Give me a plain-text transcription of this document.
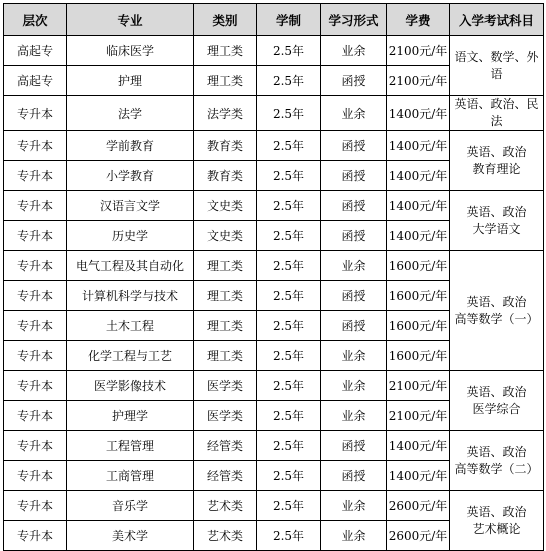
层次	专业	类别	学制	学习形式	学费	入学考试科目
高起专	临床医学	理工类	2.5年	业余	2100元/年	语文、数学、外语

高起专	护理	理工类	2.5年	函授	2100元/年	
专升本	法学	法学类	2.5年	业余	1400元/年	英语、政治、民法

专升本	学前教育	教育类	2.5年	函授	1400元/年	英语、政治
教育理论

专升本	小学教育	教育类	2.5年	函授	1400元/年	
专升本	汉语言文学	文史类	2.5年	函授	1400元/年	英语、政治
大学语文

专升本	历史学	文史类	2.5年	函授	1400元/年	
专升本	电气工程及其自动化	理工类	2.5年	业余	1600元/年	英语、政治
高等数学（一）

专升本	计算机科学与技术	理工类	2.5年	函授	1600元/年	
专升本	土木工程	理工类	2.5年	函授	1600元/年	
专升本	化学工程与工艺	理工类	2.5年	业余	1600元/年	
专升本	医学影像技术	医学类	2.5年	业余	2100元/年	英语、政治
医学综合

专升本	护理学	医学类	2.5年	业余	2100元/年	
专升本	工程管理	经管类	2.5年	函授	1400元/年	英语、政治
高等数学（二）

专升本	工商管理	经管类	2.5年	函授	1400元/年	
专升本	音乐学	艺术类	2.5年	业余	2600元/年	英语、政治
艺术概论

专升本	美术学	艺术类	2.5年	业余	2600元/年	
